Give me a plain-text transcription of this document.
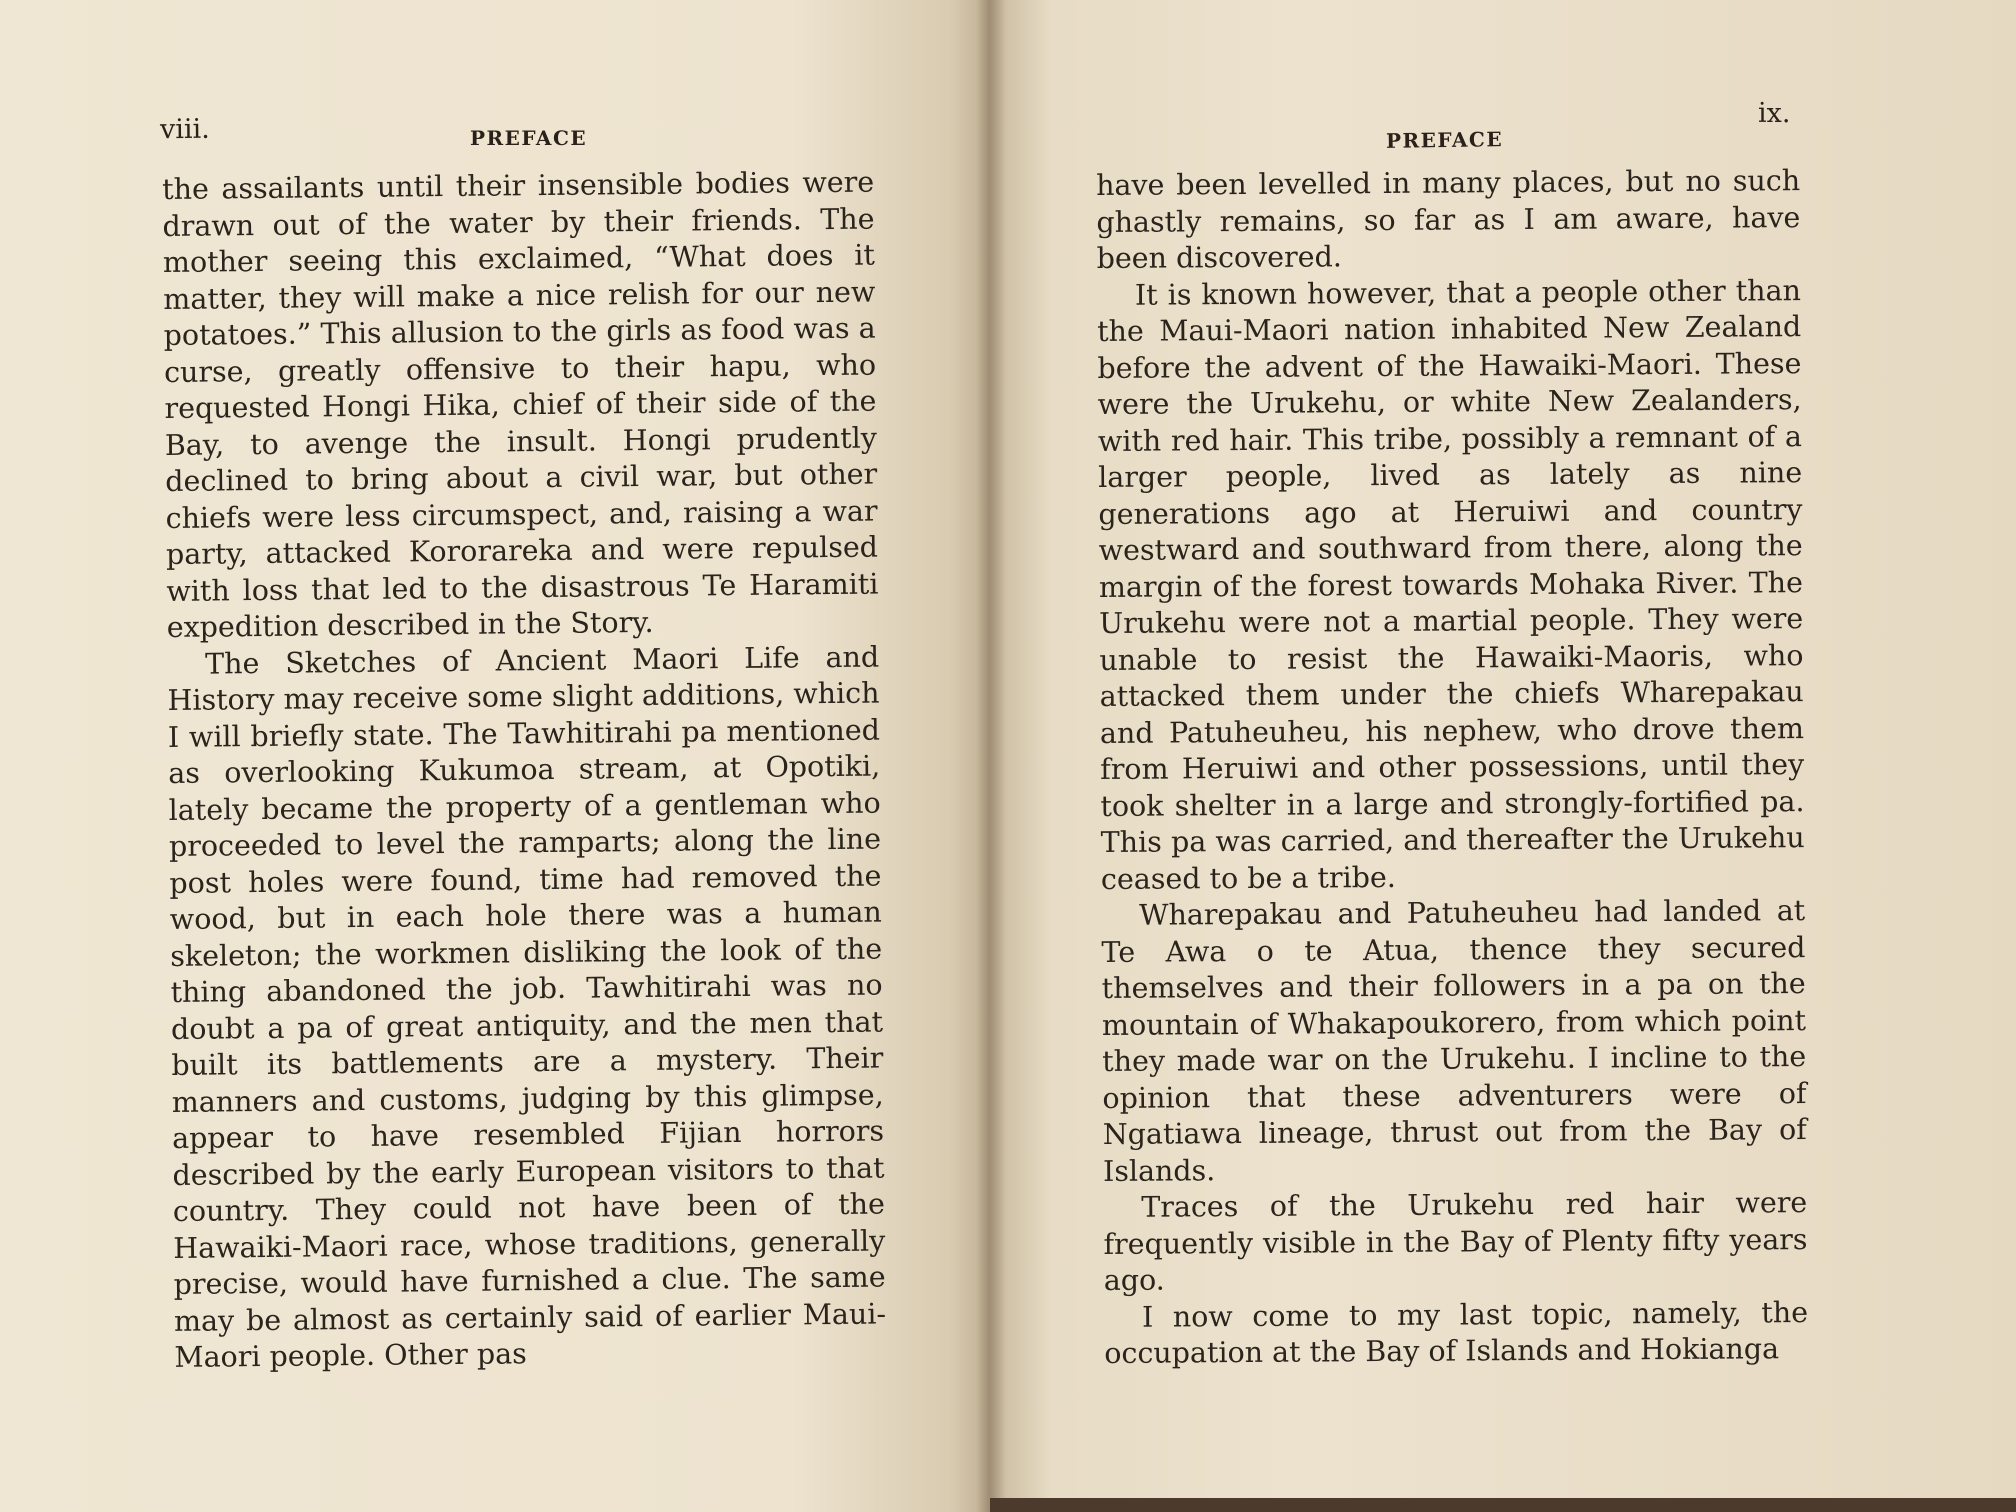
viii.	PREFACE

the assailants until their insensible bodies were drawn out of the water by their friends. The mother seeing this exclaimed, “What does it matter, they will make a nice relish for our new potatoes.” This allusion to the girls as food was a curse, greatly offensive to their hapu, who requested Hongi Hika, chief of their side of the Bay, to avenge the insult. Hongi prudently declined to bring about a civil war, but other chiefs were less circumspect, and, raising a war party, attacked Kororareka and were repulsed with loss that led to the disastrous Te Haramiti expedition described in the Story.

The Sketches of Ancient Maori Life and History may receive some slight additions, which I will briefly state. The Tawhitirahi pa mentioned as overlooking Kukumoa stream, at Opotiki, lately became the property of a gentleman who proceeded to level the ramparts; along the line post holes were found, time had removed the wood, but in each hole there was a human skeleton; the workmen disliking the look of the thing abandoned the job. Tawhitirahi was no doubt a pa of great antiquity, and the men that built its battlements are a mystery. Their manners and customs, judging by this glimpse, appear to have resembled Fijian horrors described by the early European visitors to that country. They could not have been of the Hawaiki-Maori race, whose traditions, generally precise, would have furnished a clue. The same may be almost as certainly said of earlier Maui-Maori people. Other pas

ix.
PREFACE

have been levelled in many places, but no such ghastly remains, so far as I am aware, have been discovered.

It is known however, that a people other than the Maui-Maori nation inhabited New Zealand before the advent of the Hawaiki-Maori. These were the Urukehu, or white New Zealanders, with red hair. This tribe, possibly a remnant of a larger people, lived as lately as nine generations ago at Heruiwi and country westward and southward from there, along the margin of the forest towards Mohaka River. The Urukehu were not a martial people. They were unable to resist the Hawaiki-Maoris, who attacked them under the chiefs Wharepakau and Patuheuheu, his nephew, who drove them from Heruiwi and other possessions, until they took shelter in a large and strongly-fortified pa. This pa was carried, and thereafter the Urukehu ceased to be a tribe.

Wharepakau and Patuheuheu had landed at Te Awa o te Atua, thence they secured themselves and their followers in a pa on the mountain of Whakapoukorero, from which point they made war on the Urukehu. I incline to the opinion that these adventurers were of Ngatiawa lineage, thrust out from the Bay of Islands.

Traces of the Urukehu red hair were frequently visible in the Bay of Plenty fifty years ago.

I now come to my last topic, namely, the occupation at the Bay of Islands and Hokianga
